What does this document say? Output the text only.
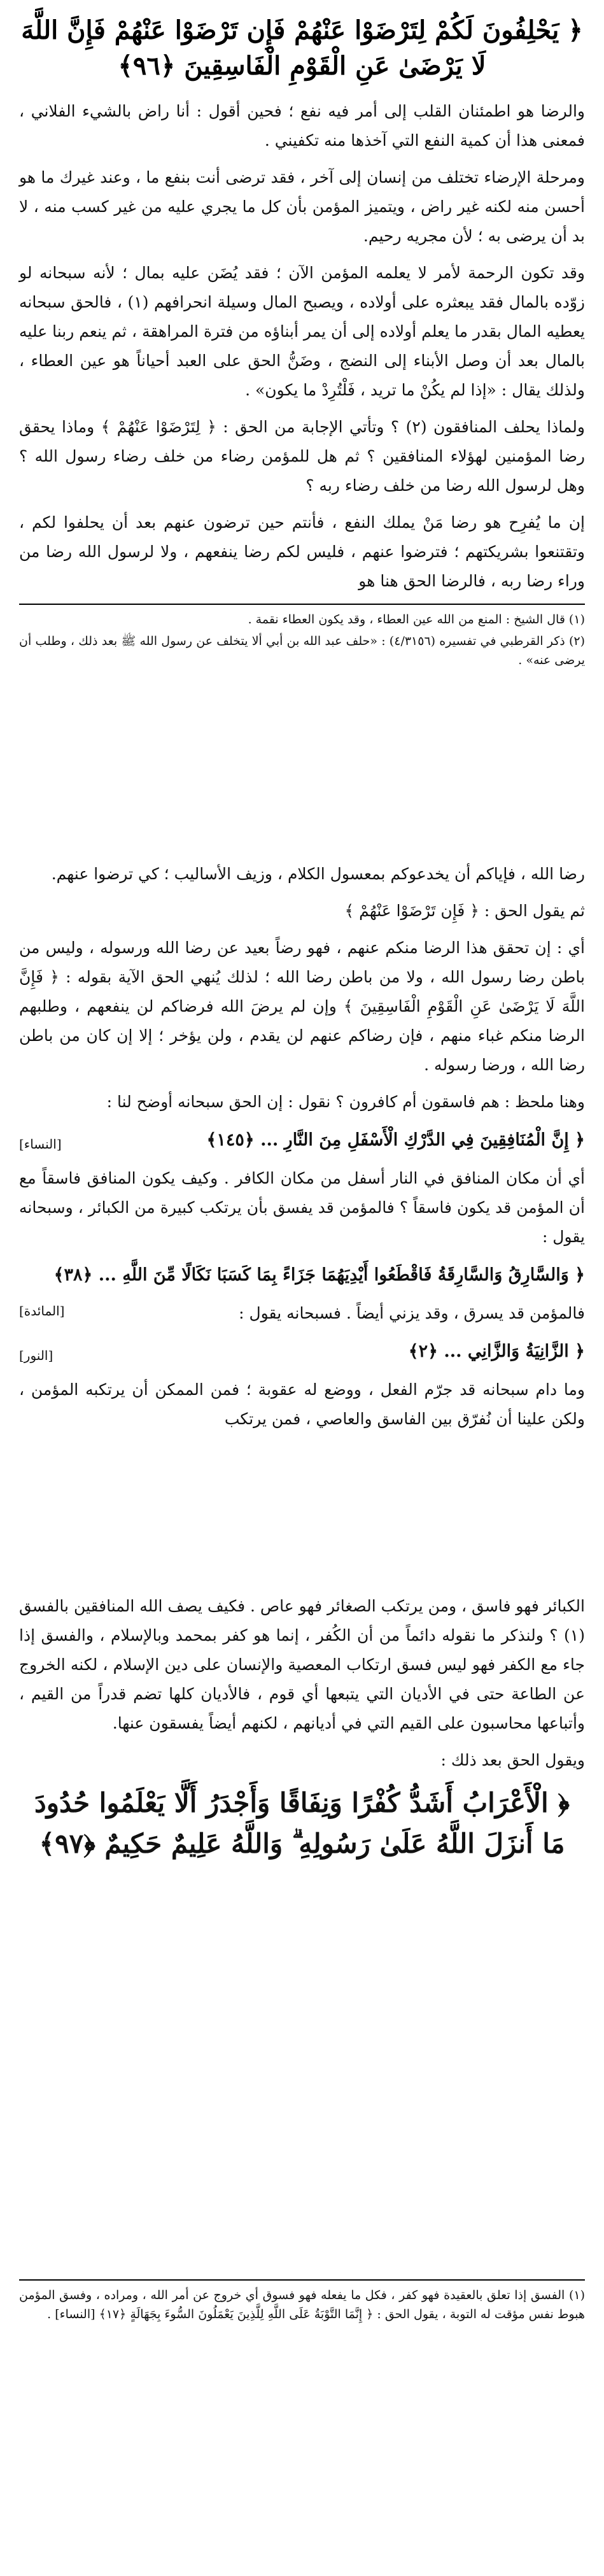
﴿ يَحْلِفُونَ لَكُمْ لِتَرْضَوْا عَنْهُمْ فَإِن تَرْضَوْا عَنْهُمْ فَإِنَّ اللَّهَ لَا يَرْضَىٰ عَنِ الْقَوْمِ الْفَاسِقِينَ ﴿٩٦﴾

والرضا هو اطمئنان القلب إلى أمر فيه نفع ؛ فحين أقول : أنا راض بالشيء الفلاني ، فمعنى هذا أن كمية النفع التي آخذها منه تكفيني .

ومرحلة الإرضاء تختلف من إنسان إلى آخر ، فقد ترضى أنت بنفع ما ، وعند غيرك ما هو أحسن منه لكنه غير راض ، ويتميز المؤمن بأن كل ما يجري عليه من غير كسب منه ، لا بد أن يرضى به ؛ لأن مجريه رحيم.

وقد تكون الرحمة لأمر لا يعلمه المؤمن الآن ؛ فقد يُضَن عليه بمال ؛ لأنه سبحانه لو زوّده بالمال فقد يبعثره على أولاده ، ويصبح المال وسيلة انحرافهم (١) ، فالحق سبحانه يعطيه المال بقدر ما يعلم أولاده إلى أن يمر أبناؤه من فترة المراهقة ، ثم ينعم ربنا عليه بالمال بعد أن وصل الأبناء إلى النضج ، وضَنُّ الحق على العبد أحياناً هو عين العطاء ، ولذلك يقال : «إذا لم يكُنْ ما تريد ، فَلْتُرِدْ ما يكون» .

ولماذا يحلف المنافقون (٢) ؟ وتأتي الإجابة من الحق : ﴿ لِتَرْضَوْا عَنْهُمْ ﴾ وماذا يحقق رضا المؤمنين لهؤلاء المنافقين ؟ ثم هل للمؤمن رضاء من خلف رضاء رسول الله ؟ وهل لرسول الله رضا من خلف رضاء ربه ؟

إن ما يُفرِح هو رضا مَنْ يملك النفع ، فأنتم حين ترضون عنهم بعد أن يحلفوا لكم ، وتقتنعوا بشريكتهم ؛ فترضوا عنهم ، فليس لكم رضا ينفعهم ، ولا لرسول الله رضا من وراء رضا ربه ، فالرضا الحق هنا هو

(١) قال الشيخ : المنع من الله عين العطاء ، وقد يكون العطاء نقمة .

(٢) ذكر القرطبي في تفسيره (٤/٣١٥٦) : «حلف عبد الله بن أبي ألا يتخلف عن رسول الله ﷺ بعد ذلك ، وطلب أن يرضى عنه» .

رضا الله ، فإياكم أن يخدعوكم بمعسول الكلام ، وزيف الأساليب ؛ كي ترضوا عنهم.

ثم يقول الحق : ﴿ فَإِن تَرْضَوْا عَنْهُمْ ﴾

أي : إن تحقق هذا الرضا منكم عنهم ، فهو رضاً بعيد عن رضا الله ورسوله ، وليس من باطن رضا رسول الله ، ولا من باطن رضا الله ؛ لذلك يُنهي الحق الآية بقوله : ﴿ فَإِنَّ اللَّهَ لَا يَرْضَىٰ عَنِ الْقَوْمِ الْفَاسِقِينَ ﴾ وإن لم يرضَ الله فرضاكم لن ينفعهم ، وطلبهم الرضا منكم غباء منهم ، فإن رضاكم عنهم لن يقدم ، ولن يؤخر ؛ إلا إن كان من باطن رضا الله ، ورضا رسوله .

وهنا ملحظ : هم فاسقون أم كافرون ؟ نقول : إن الحق سبحانه أوضح لنا :

﴿ إِنَّ الْمُنَافِقِينَ فِي الدَّرْكِ الْأَسْفَلِ مِنَ النَّارِ ... ﴿١٤٥﴾
[النساء]

أي أن مكان المنافق في النار أسفل من مكان الكافر . وكيف يكون المنافق فاسقاً مع أن المؤمن قد يكون فاسقاً ؟ فالمؤمن قد يفسق بأن يرتكب كبيرة من الكبائر ، وسبحانه يقول :

﴿ وَالسَّارِقُ وَالسَّارِقَةُ فَاقْطَعُوا أَيْدِيَهُمَا جَزَاءً بِمَا كَسَبَا نَكَالًا مِّنَ اللَّهِ ... ﴿٣٨﴾
[المائدة]	فالمؤمن قد يسرق ، وقد يزني أيضاً . فسبحانه يقول :

﴿ الزَّانِيَةُ وَالزَّانِي ... ﴿٢﴾
[النور]

وما دام سبحانه قد جرّم الفعل ، ووضع له عقوبة ؛ فمن الممكن أن يرتكبه المؤمن ، ولكن علينا أن نُفرّق بين الفاسق والعاصي ، فمن يرتكب

الكبائر فهو فاسق ، ومن يرتكب الصغائر فهو عاص . فكيف يصف الله المنافقين بالفسق (١) ؟ ولنذكر ما نقوله دائماً من أن الكُفر ، إنما هو كفر بمحمد وبالإسلام ، والفسق إذا جاء مع الكفر فهو ليس فسق ارتكاب المعصية والإنسان على دين الإسلام ، لكنه الخروج عن الطاعة حتى في الأديان التي يتبعها أي قوم ، فالأديان كلها تضم قدراً من القيم ، وأتباعها محاسبون على القيم التي في أديانهم ، لكنهم أيضاً يفسقون عنها.

ويقول الحق بعد ذلك :

﴿ الْأَعْرَابُ أَشَدُّ كُفْرًا وَنِفَاقًا وَأَجْدَرُ أَلَّا يَعْلَمُوا حُدُودَ مَا أَنزَلَ اللَّهُ عَلَىٰ رَسُولِهِ ۗ وَاللَّهُ عَلِيمٌ حَكِيمٌ ﴿٩٧﴾

(١) الفسق إذا تعلق بالعقيدة فهو كفر ، فكل ما يفعله فهو فسوق أي خروج عن أمر الله ، ومراده ، وفسق المؤمن هبوط نفس مؤقت له التوبة ، يقول الحق : ﴿ إِنَّمَا التَّوْبَةُ عَلَى اللَّهِ لِلَّذِينَ يَعْمَلُونَ السُّوءَ بِجَهَالَةٍ ﴿١٧﴾ [النساء] .
